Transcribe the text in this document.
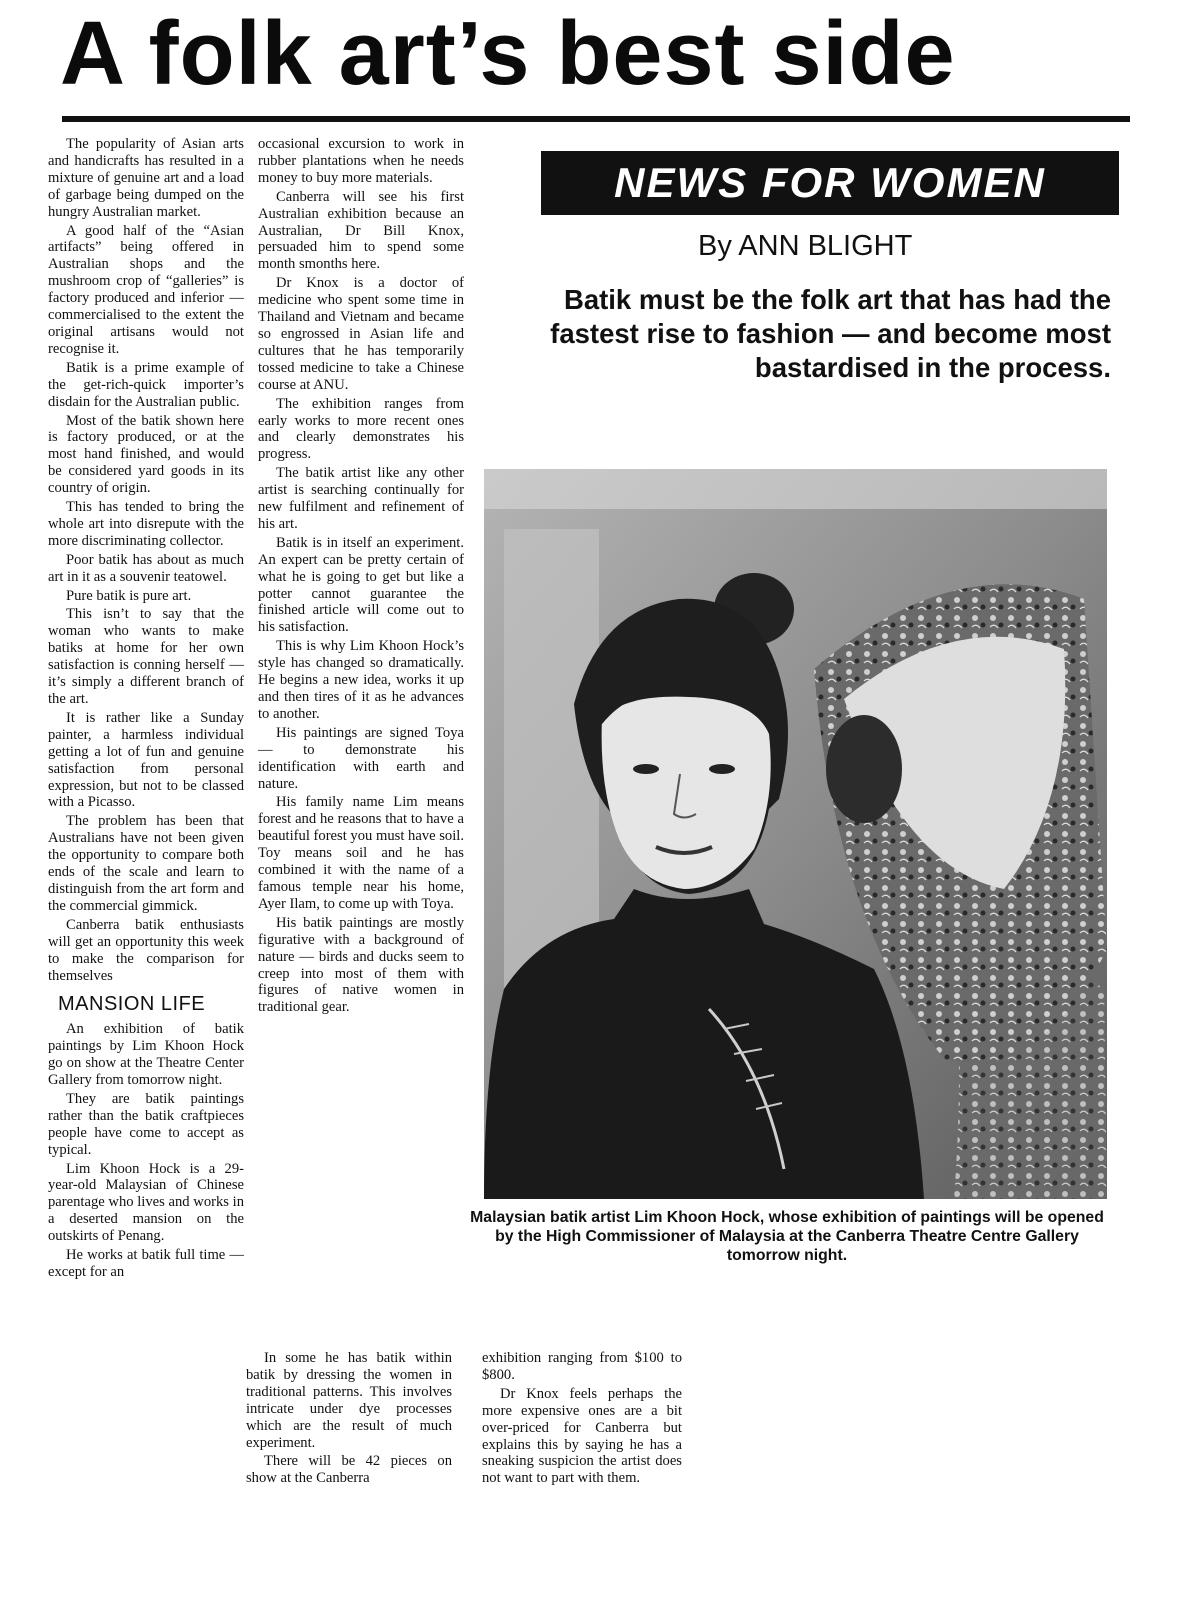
A folk art’s best side

The popularity of Asian arts and handicrafts has resulted in a mixture of genuine art and a load of garbage being dumped on the hungry Australian market.

A good half of the “Asian artifacts” being offered in Australian shops and the mushroom crop of “galleries” is factory produced and inferior — commercialised to the extent the original artisans would not recognise it.

Batik is a prime example of the get-rich-quick importer’s disdain for the Australian public.

Most of the batik shown here is factory produced, or at the most hand finished, and would be considered yard goods in its country of origin.

This has tended to bring the whole art into disrepute with the more discriminating collector.

Poor batik has about as much art in it as a souvenir teatowel.

Pure batik is pure art.

This isn’t to say that the woman who wants to make batiks at home for her own satisfaction is conning herself — it’s simply a different branch of the art.

It is rather like a Sunday painter, a harmless individual getting a lot of fun and genuine satisfaction from personal expression, but not to be classed with a Picasso.

The problem has been that Australians have not been given the opportunity to compare both ends of the scale and learn to distinguish from the art form and the commercial gimmick.

Canberra batik enthusiasts will get an opportunity this week to make the comparison for themselves

MANSION LIFE

An exhibition of batik paintings by Lim Khoon Hock go on show at the Theatre Center Gallery from tomorrow night.

They are batik paintings rather than the batik craftpieces people have come to accept as typical.

Lim Khoon Hock is a 29-year-old Malaysian of Chinese parentage who lives and works in a deserted mansion on the outskirts of Penang.

He works at batik full time — except for an

occasional excursion to work in rubber plantations when he needs money to buy more materials.

Canberra will see his first Australian exhibition because an Australian, Dr Bill Knox, persuaded him to spend some month smonths here.

Dr Knox is a doctor of medicine who spent some time in Thailand and Vietnam and became so engrossed in Asian life and cultures that he has temporarily tossed medicine to take a Chinese course at ANU.

The exhibition ranges from early works to more recent ones and clearly demonstrates his progress.

The batik artist like any other artist is searching continually for new fulfilment and refinement of his art.

Batik is in itself an experiment. An expert can be pretty certain of what he is going to get but like a potter cannot guarantee the finished article will come out to his satisfaction.

This is why Lim Khoon Hock’s style has changed so dramatically. He begins a new idea, works it up and then tires of it as he advances to another.

His paintings are signed Toya — to demonstrate his identification with earth and nature.

His family name Lim means forest and he reasons that to have a beautiful forest you must have soil. Toy means soil and he has combined it with the name of a famous temple near his home, Ayer Ilam, to come up with Toya.

His batik paintings are mostly figurative with a background of nature — birds and ducks seem to creep into most of them with figures of native women in traditional gear.

In some he has batik within batik by dressing the women in traditional patterns. This involves intricate under dye processes which are the result of much experiment.

There will be 42 pieces on show at the Canberra

exhibition ranging from $100 to $800.

Dr Knox feels perhaps the more expensive ones are a bit over-priced for Canberra but explains this by saying he has a sneaking suspicion the artist does not want to part with them.

NEWS FOR WOMEN
By ANN BLIGHT
Batik must be the folk art that has had the fastest rise to fashion — and become most bastardised in the process.
Malaysian batik artist Lim Khoon Hock, whose exhibition of paintings will be opened by the High Commissioner of Malaysia at the Canberra Theatre Centre Gallery tomorrow night.
